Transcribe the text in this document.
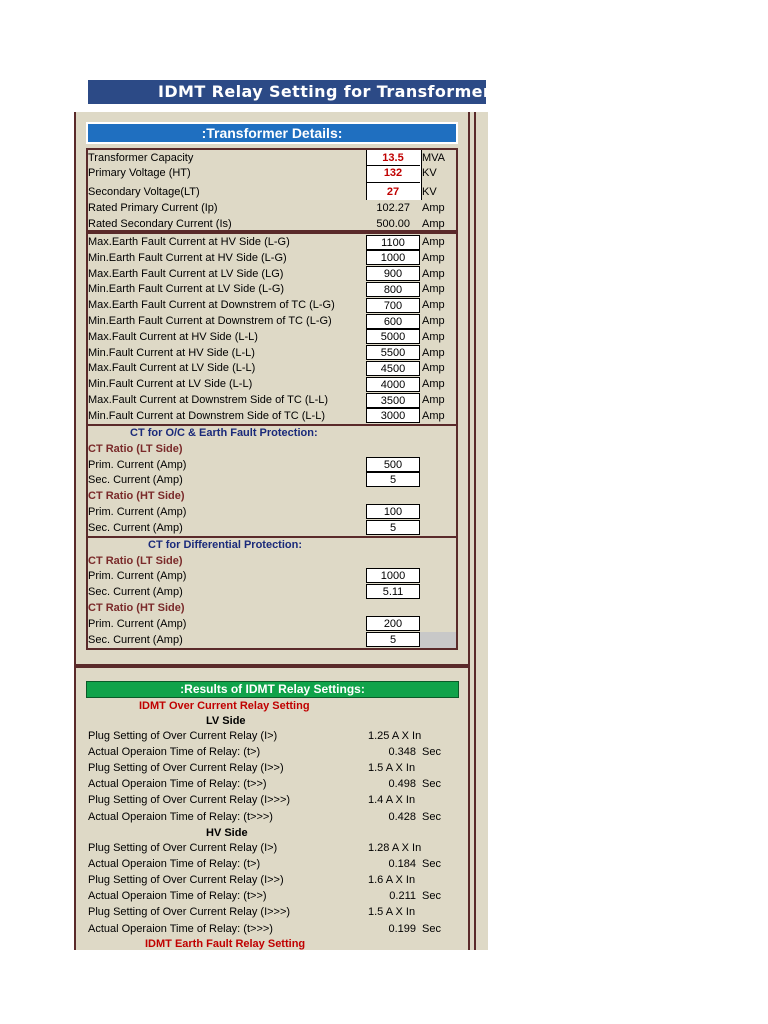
IDMT Relay Setting for Transformer (Ov
:Transformer Details:
CT for O/C & Earth Fault Protection:
CT Ratio (LT Side)
Prim. Current (Amp)	500
Sec. Current (Amp)	5
CT Ratio (HT Side)
Prim. Current (Amp)	100
Sec. Current (Amp)	5
CT for Differential Protection:
CT Ratio (LT Side)
Prim. Current (Amp)	1000
Sec. Current (Amp)	5.11
CT Ratio (HT Side)
Prim. Current (Amp)	200
Sec. Current (Amp)	5
:Results of IDMT Relay Settings:
IDMT Over Current Relay Setting
LV Side
HV Side
IDMT Earth Fault Relay Setting
Transformer Capacity	13.5	MVA
Primary Voltage (HT)	132	KV
Secondary Voltage(LT)	27	KV
Rated Primary Current (Ip)	102.27 Amp
Rated Secondary Current (Is)	500.00 Amp
Max.Earth Fault Current at HV Side (L-G)	1100	Amp
Min.Earth Fault Current at HV Side (L-G)	1000	Amp
Max.Earth Fault Current at LV Side (LG)	900	Amp
Min.Earth Fault Current at LV Side (L-G)	800	Amp
Max.Earth Fault Current at Downstrem of TC (L-G)	700	Amp
Min.Earth Fault Current at Downstrem of TC (L-G)	600	Amp
Max.Fault Current at HV Side (L-L)	5000	Amp
Min.Fault Current at HV Side (L-L)	5500	Amp
Max.Fault Current at LV Side (L-L)	4500	Amp
Min.Fault Current at LV Side (L-L)	4000	Amp
Max.Fault Current at Downstrem Side of TC (L-L)	3500	Amp
Min.Fault Current at Downstrem Side of TC (L-L)	3000	Amp
Plug Setting of Over Current Relay (I>)	1.25 A X In
Actual Operaion Time of Relay: (t>)	0.348 Sec
Plug Setting of Over Current Relay (I>>)	1.5 A X In
Actual Operaion Time of Relay: (t>>)	0.498 Sec
Plug Setting of Over Current Relay (I>>>)	1.4 A X In
Actual Operaion Time of Relay: (t>>>)	0.428 Sec
Plug Setting of Over Current Relay (I>)	1.28 A X In
Actual Operaion Time of Relay: (t>)	0.184 Sec
Plug Setting of Over Current Relay (I>>)	1.6 A X In
Actual Operaion Time of Relay: (t>>)	0.211 Sec
Plug Setting of Over Current Relay (I>>>)	1.5 A X In
Actual Operaion Time of Relay: (t>>>)	0.199 Sec
